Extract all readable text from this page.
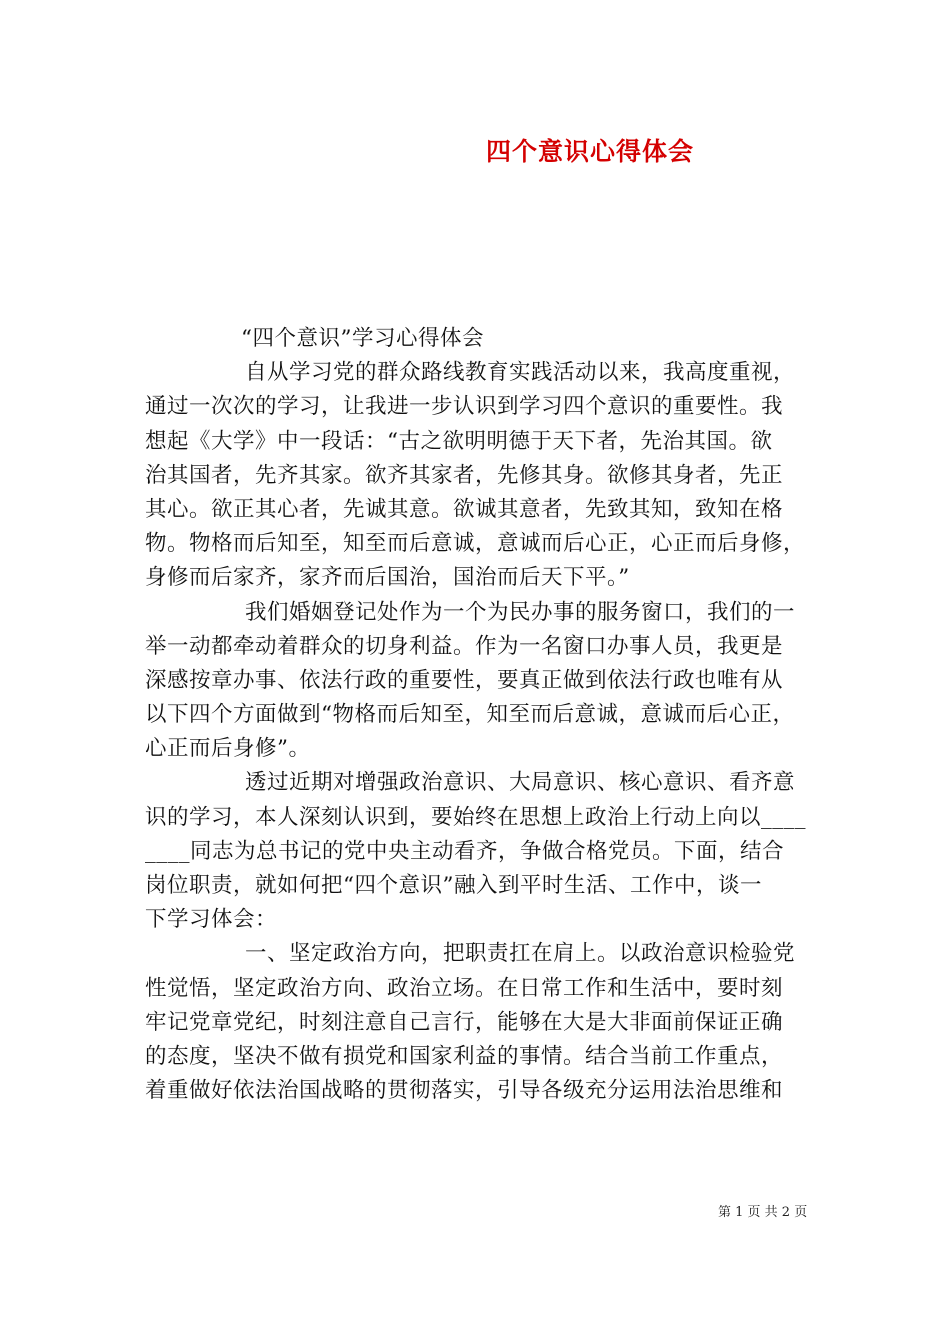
四个意识心得体会
“四个意识”学习心得体会
自从学习党的群众路线教育实践活动以来，我高度重视，
通过一次次的学习，让我进一步认识到学习四个意识的重要性。我
想起《大学》中一段话：“古之欲明明德于天下者，先治其国。欲
治其国者，先齐其家。欲齐其家者，先修其身。欲修其身者，先正
其心。欲正其心者，先诚其意。欲诚其意者，先致其知，致知在格
物。物格而后知至，知至而后意诚，意诚而后心正，心正而后身修，
身修而后家齐，家齐而后国治，国治而后天下平。”
我们婚姻登记处作为一个为民办事的服务窗口，我们的一
举一动都牵动着群众的切身利益。作为一名窗口办事人员，我更是
深感按章办事、依法行政的重要性，要真正做到依法行政也唯有从
以下四个方面做到“物格而后知至，知至而后意诚，意诚而后心正，
心正而后身修”。
透过近期对增强政治意识、大局意识、核心意识、看齐意
识的学习，本人深刻认识到，要始终在思想上政治上行动上向以____
____同志为总书记的党中央主动看齐，争做合格党员。下面，结合
岗位职责，就如何把“四个意识”融入到平时生活、工作中，谈一
下学习体会：
一、坚定政治方向，把职责扛在肩上。以政治意识检验党
性觉悟，坚定政治方向、政治立场。在日常工作和生活中，要时刻
牢记党章党纪，时刻注意自己言行，能够在大是大非面前保证正确
的态度，坚决不做有损党和国家利益的事情。结合当前工作重点，
着重做好依法治国战略的贯彻落实，引导各级充分运用法治思维和
第 1 页 共 2 页
